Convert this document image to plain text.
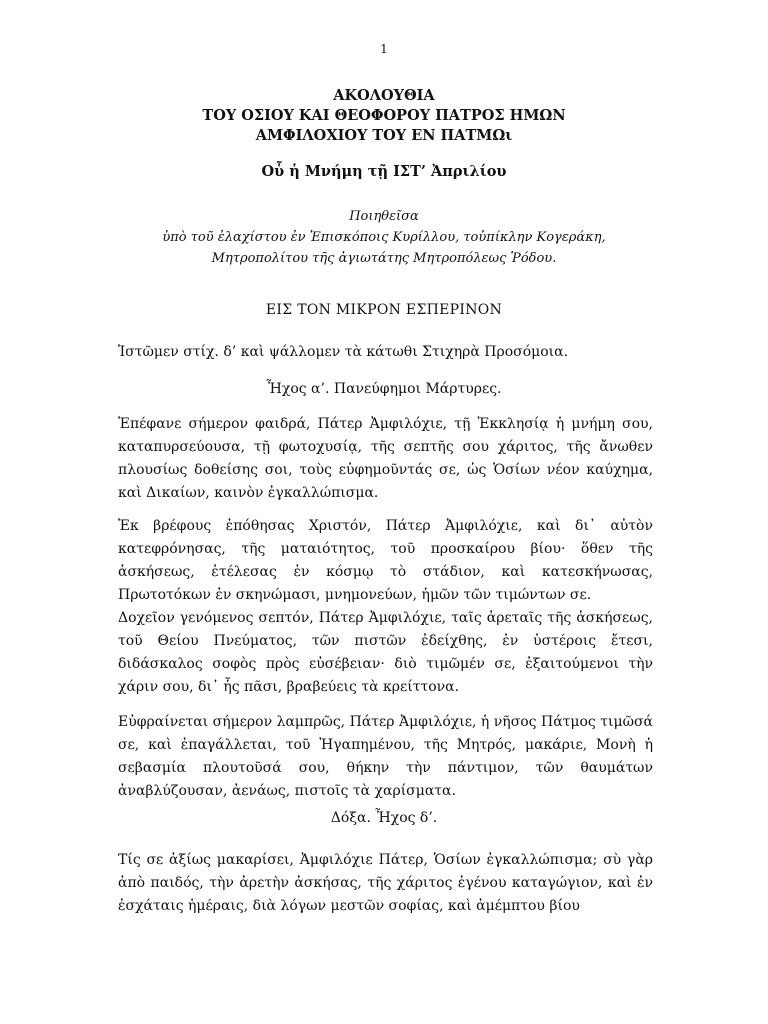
1
ΑΚΟΛΟΥΘΙΑ
ΤΟΥ ΟΣΙΟΥ ΚΑΙ ΘΕΟΦΟΡΟΥ ΠΑΤΡΟΣ ΗΜΩΝ
ΑΜΦΙΛΟΧΙΟΥ ΤΟΥ ΕΝ ΠΑΤΜΩι
Οὗ ἡ Μνήμη τῇ ΙΣΤ’ Ἀπριλίου
Ποιηθεῖσα
ὑπὸ τοῦ ἐλαχίστου ἐν Ἐπισκόποις Κυρίλλου, τοὐπίκλην Κογεράκη,
Μητροπολίτου τῆς ἁγιωτάτης Μητροπόλεως Ῥόδου.
ΕΙΣ ΤΟΝ ΜΙΚΡΟΝ ΕΣΠΕΡΙΝΟΝ
Ἱστῶμεν στίχ. δ’ καὶ ψάλλομεν τὰ κάτωθι Στιχηρὰ Προσόμοια.
Ἦχος α’. Πανεύφημοι Μάρτυρες.
Ἐπέφανε σήμερον φαιδρά, Πάτερ Ἀμφιλόχιε, τῇ Ἐκκλησίᾳ ἡ μνήμη σου, καταπυρσεύουσα, τῇ φωτοχυσίᾳ, τῆς σεπτῆς σου χάριτος, τῆς ἄνωθεν πλουσίως δοθείσης σοι, τοὺς εὐφημοῦντάς σε, ὡς Ὁσίων νέον καύχημα, καὶ Δικαίων, καινὸν ἐγκαλλώπισμα.
Ἐκ βρέφους ἐπόθησας Χριστόν, Πάτερ Ἀμφιλόχιε, καὶ δι᾿ αὐτὸν κατεφρόνησας, τῆς ματαιότητος, τοῦ προσκαίρου βίου· ὅθεν τῆς ἀσκήσεως, ἐτέλεσας ἐν κόσμῳ τὸ στάδιον, καὶ κατεσκήνωσας, Πρωτοτόκων ἐν σκηνώμασι, μνημονεύων, ἡμῶν τῶν τιμώντων σε.
Δοχεῖον γενόμενος σεπτόν, Πάτερ Ἀμφιλόχιε, ταῖς ἀρεταῖς τῆς ἀσκήσεως, τοῦ Θείου Πνεύματος, τῶν πιστῶν ἐδείχθης, ἐν ὑστέροις ἔτεσι, διδάσκαλος σοφὸς πρὸς εὐσέβειαν· διὸ τιμῶμέν σε, ἐξαιτούμενοι τὴν χάριν σου, δι᾿ ἧς πᾶσι, βραβεύεις τὰ κρείττονα.
Εὐφραίνεται σήμερον λαμπρῶς, Πάτερ Ἀμφιλόχιε, ἡ νῆσος Πάτμος τιμῶσά σε, καὶ ἐπαγάλλεται, τοῦ Ἠγαπημένου, τῆς Μητρός, μακάριε, Μονὴ ἡ σεβασμία πλουτοῦσά σου, θήκην τὴν πάντιμον, τῶν θαυμάτων ἀναβλύζουσαν, ἀενάως, πιστοῖς τὰ χαρίσματα.
Δόξα. Ἦχος δ’.
Τίς σε ἀξίως μακαρίσει, Ἀμφιλόχιε Πάτερ, Ὁσίων ἐγκαλλώπισμα; σὺ γὰρ ἀπὸ παιδός, τὴν ἀρετὴν ἀσκήσας, τῆς χάριτος ἐγένου καταγώγιον, καὶ ἐν ἐσχάταις ἡμέραις, διὰ λόγων μεστῶν σοφίας, καὶ ἀμέμπτου βίου
